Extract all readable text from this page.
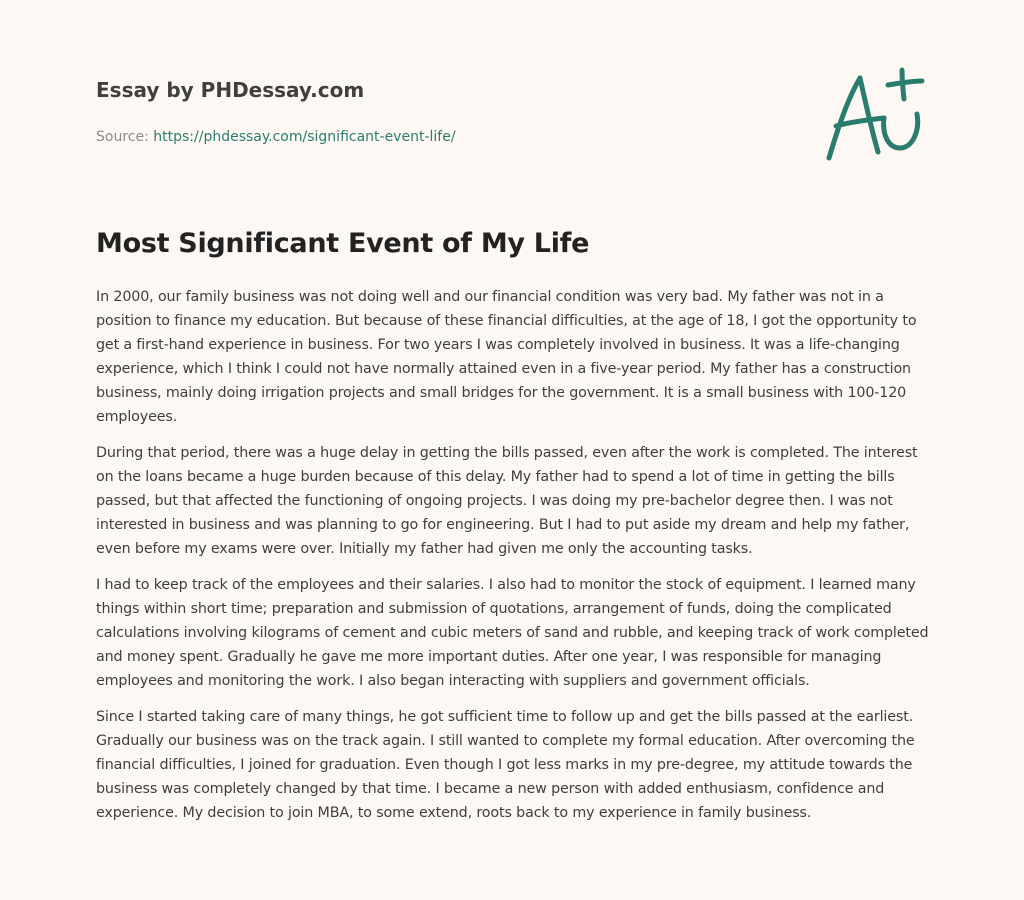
Essay by PHDessay.com
Source: https://phdessay.com/significant-event-life/
Most Significant Event of My Life

In 2000, our family business was not doing well and our financial condition was very bad. My father was not in a position to finance my education. But because of these financial difficulties, at the age of 18, I got the opportunity to get a first-hand experience in business. For two years I was completely involved in business. It was a life-changing experience, which I think I could not have normally attained even in a five-year period. My father has a construction business, mainly doing irrigation projects and small bridges for the government. It is a small business with 100-120 employees.

During that period, there was a huge delay in getting the bills passed, even after the work is completed. The interest on the loans became a huge burden because of this delay. My father had to spend a lot of time in getting the bills passed, but that affected the functioning of ongoing projects. I was doing my pre-bachelor degree then. I was not interested in business and was planning to go for engineering. But I had to put aside my dream and help my father, even before my exams were over. Initially my father had given me only the accounting tasks.

I had to keep track of the employees and their salaries. I also had to monitor the stock of equipment. I learned many things within short time; preparation and submission of quotations, arrangement of funds, doing the complicated calculations involving kilograms of cement and cubic meters of sand and rubble, and keeping track of work completed and money spent. Gradually he gave me more important duties. After one year, I was responsible for managing employees and monitoring the work. I also began interacting with suppliers and government officials.

Since I started taking care of many things, he got sufficient time to follow up and get the bills passed at the earliest. Gradually our business was on the track again. I still wanted to complete my formal education. After overcoming the financial difficulties, I joined for graduation. Even though I got less marks in my pre-degree, my attitude towards the business was completely changed by that time. I became a new person with added enthusiasm, confidence and experience. My decision to join MBA, to some extend, roots back to my experience in family business.
